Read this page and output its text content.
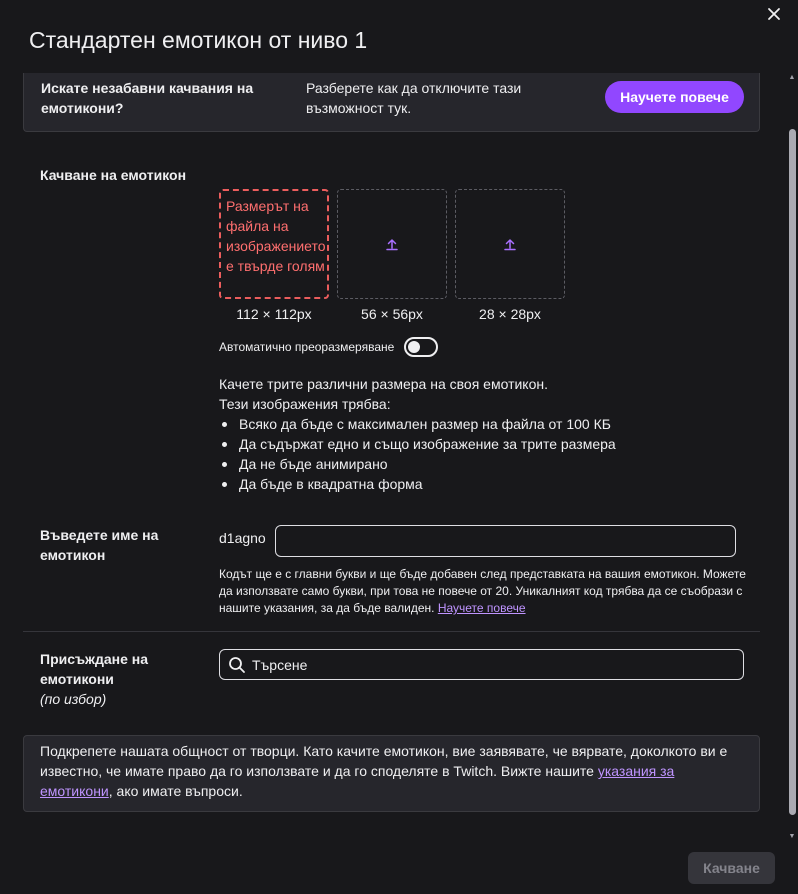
Стандартен емотикон от ниво 1
Искате незабавни качвания на емотикони?
Разберете как да отключите тази възможност тук.
Научете повече
Качване на емотикон
Размерът на файла на изображението е твърде голям
112 × 112px	56 × 56px	28 × 28px
Автоматично преоразмеряване
Качете трите различни размера на своя емотикон.
Тези изображения трябва:
Всяко да бъде с максимален размер на файла от 100 КБ
Да съдържат едно и също изображение за трите размера
Да не бъде анимирано
Да бъде в квадратна форма
Въведете име на емотикон
d1agno
Кодът ще е с главни букви и ще бъде добавен след представката на вашия емотикон. Можете да използвате само букви, при това не повече от 20. Уникалният код трябва да се съобрази с нашите указания, за да бъде валиден. Научете повече
Присъждане на емотикони
(по избор)
Търсене
Подкрепете нашата общност от творци. Като качите емотикон, вие заявявате, че вярвате, доколкото ви е известно, че имате право да го използвате и да го споделяте в Twitch. Вижте нашите указания за емотикони, ако имате въпроси.
▲
▼
Качване
